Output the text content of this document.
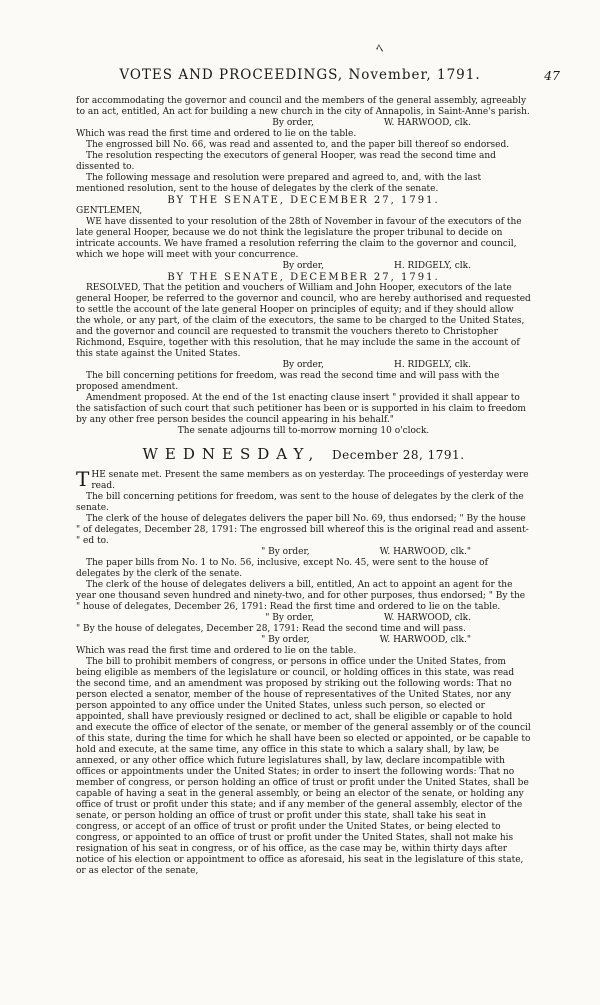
ﾍ
VOTES AND PROCEEDINGS, November, 1791.	47

for accommodating the governor and council and the members of the general assembly, agreeably to an act, entitled, An act for building a new church in the city of Annapolis, in Saint-Anne's parish.

By order,	W. HARWOOD, clk.

Which was read the first time and ordered to lie on the table.

The engrossed bill No. 66, was read and assented to, and the paper bill thereof so endorsed.

The resolution respecting the executors of general Hooper, was read the second time and dissented to.

The following message and resolution were prepared and agreed to, and, with the last mentioned resolution, sent to the house of delegates by the clerk of the senate.

BY THE SENATE, DECEMBER 27, 1791.

GENTLEMEN,

WE have dissented to your resolution of the 28th of November in favour of the executors of the late general Hooper, because we do not think the legislature the proper tribunal to decide on intricate accounts. We have framed a resolution referring the claim to the governor and council, which we hope will meet with your concurrence.

By order,	H. RIDGELY, clk.

BY THE SENATE, DECEMBER 27, 1791.

RESOLVED, That the petition and vouchers of William and John Hooper, executors of the late general Hooper, be referred to the governor and council, who are hereby authorised and requested to settle the account of the late general Hooper on principles of equity; and if they should allow the whole, or any part, of the claim of the executors, the same to be charged to the United States, and the governor and council are requested to transmit the vouchers thereto to Christopher Richmond, Esquire, together with this resolution, that he may include the same in the account of this state against the United States.

By order,	H. RIDGELY, clk.

The bill concerning petitions for freedom, was read the second time and will pass with the proposed amendment.

Amendment proposed. At the end of the 1st enacting clause insert " provided it shall appear to the satisfaction of such court that such petitioner has been or is supported in his claim to freedom by any other free person besides the council appearing in his behalf."

The senate adjourns till to-morrow morning 10 o'clock.

WEDNESDAY, December 28, 1791.

THE senate met. Present the same members as on yesterday. The proceedings of yesterday were read.

The bill concerning petitions for freedom, was sent to the house of delegates by the clerk of the senate.

The clerk of the house of delegates delivers the paper bill No. 69, thus endorsed; " By the house " of delegates, December 28, 1791: The engrossed bill whereof this is the original read and assent- " ed to.

" By order,	W. HARWOOD, clk."

The paper bills from No. 1 to No. 56, inclusive, except No. 45, were sent to the house of delegates by the clerk of the senate.

The clerk of the house of delegates delivers a bill, entitled, An act to appoint an agent for the year one thousand seven hundred and ninety-two, and for other purposes, thus endorsed; " By the " house of delegates, December 26, 1791: Read the first time and ordered to lie on the table.

" By order,	W. HARWOOD, clk.

" By the house of delegates, December 28, 1791: Read the second time and will pass.

" By order,	W. HARWOOD, clk."

Which was read the first time and ordered to lie on the table.

The bill to prohibit members of congress, or persons in office under the United States, from being eligible as members of the legislature or council, or holding offices in this state, was read the second time, and an amendment was proposed by striking out the following words: That no person elected a senator, member of the house of representatives of the United States, nor any person appointed to any office under the United States, unless such person, so elected or appointed, shall have previously resigned or declined to act, shall be eligible or capable to hold and execute the office of elector of the senate, or member of the general assembly or of the council of this state, during the time for which he shall have been so elected or appointed, or be capable to hold and execute, at the same time, any office in this state to which a salary shall, by law, be annexed, or any other office which future legislatures shall, by law, declare incompatible with offices or appointments under the United States; in order to insert the following words: That no member of congress, or person holding an office of trust or profit under the United States, shall be capable of having a seat in the general assembly, or being an elector of the senate, or holding any office of trust or profit under this state; and if any member of the general assembly, elector of the senate, or person holding an office of trust or profit under this state, shall take his seat in congress, or accept of an office of trust or profit under the United States, or being elected to congress, or appointed to an office of trust or profit under the United States, shall not make his resignation of his seat in congress, or of his office, as the case may be, within thirty days after notice of his election or appointment to office as aforesaid, his seat in the legislature of this state, or as elector of the senate,
